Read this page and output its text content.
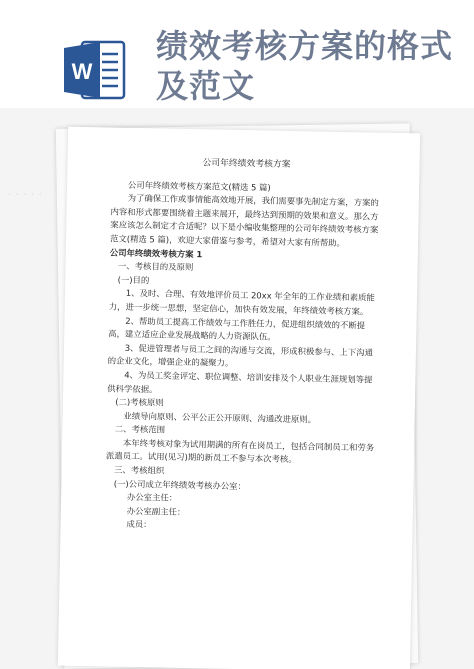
W
绩效考核方案的格式及范文
· · · · ·
公司年终绩效考核方案

公司年终绩效考核方案范文(精选 5 篇)

为了确保工作或事情能高效地开展，我们需要事先制定方案，方案的内容和形式都要围绕着主题来展开，最终达到预期的效果和意义。那么方案应该怎么制定才合适呢？以下是小编收集整理的公司年终绩效考核方案范文(精选 5 篇)，欢迎大家借鉴与参考，希望对大家有所帮助。

公司年终绩效考核方案 1

一、考核目的及原则

(一)目的

1、及时、合理、有效地评价员工 20xx 年全年的工作业绩和素质能力，进一步统一思想，坚定信心，加快有效发展，年终绩效考核方案。

2、帮助员工提高工作绩效与工作胜任力，促进组织绩效的不断提高，建立适应企业发展战略的人力资源队伍。

3、促进管理者与员工之间的沟通与交流，形成积极参与、上下沟通的企业文化，增强企业的凝聚力。

4、为员工奖金评定、职位调整、培训安排及个人职业生涯规划等提供科学依据。

(二)考核原则

业绩导向原则、公平公正公开原则、沟通改进原则。

二、考核范围

本年终考核对象为试用期满的所有在岗员工，包括合同制员工和劳务派遣员工。试用(见习)期的新员工不参与本次考核。

三、考核组织

(一)公司成立年终绩效考核办公室：

办公室主任：

办公室副主任：

成员：
